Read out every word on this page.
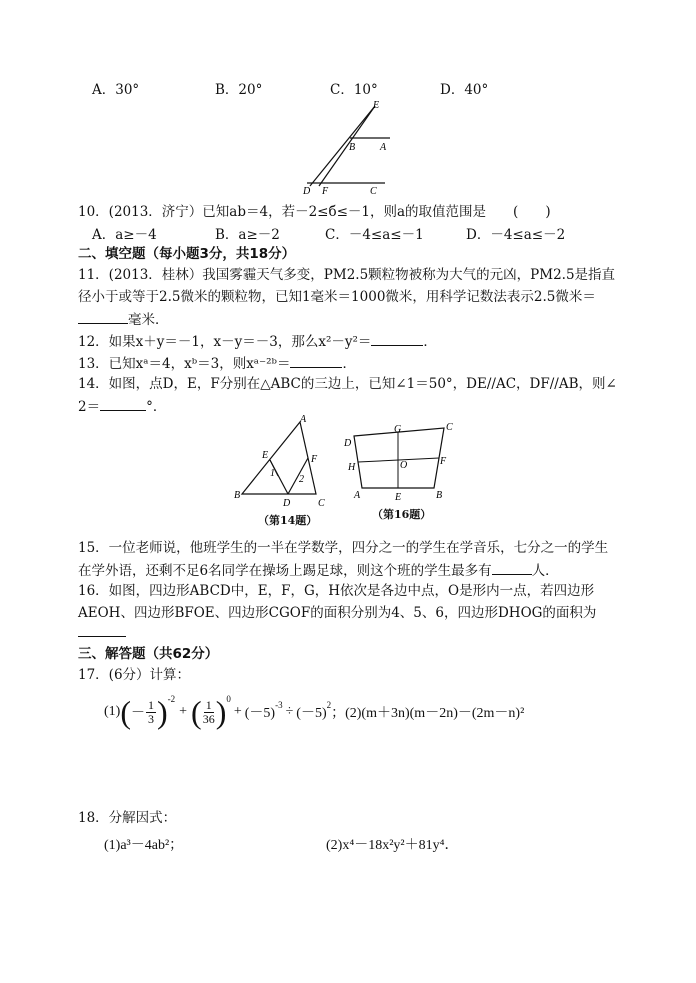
A．30°	B．20°	C．10°	D．40°
E
B A
D F	C
10．(2013．济宁）已知ab＝4，若－2≤б≤－1，则a的取值范围是　　(　　)
A．a≥－4	B．a≥－2	C．－4≤a≤－1	D．－4≤a≤－2
二、填空题（每小题3分，共18分）
11．(2013．桂林）我国雾霾天气多变，PM2.5颗粒物被称为大气的元凶，PM2.5是指直
径小于或等于2.5微米的颗粒物，已知1毫米＝1000微米，用科学记数法表示2.5微米＝
毫米．
12．如果x＋y＝－1，x－y＝－3，那么x²－y²＝	．
13．已知xᵃ＝4，xᵇ＝3，则xᵃ⁻²ᵇ＝	．
14．如图，点D，E，F分别在△ABC的三边上，已知∠1＝50°，DE//AC，DF//AB，则∠
2＝	°．
A
E	F
1
2
B
D	C
（第14题）
D
G	C
H	O	F
A	E	B
（第16题）
15．一位老师说，他班学生的一半在学数学，四分之一的学生在学音乐，七分之一的学生
在学外语，还剩不足6名同学在操场上踢足球，则这个班的学生最多有	人．
16．如图，四边形ABCD中，E，F，G，H依次是各边中点，O是形内一点，若四边形
AEOH、四边形BFOE、四边形CGOF的面积分别为4、5、6，四边形DHOG的面积为
三、解答题（共62分）
17．(6分）计算：
(1) ( －
1
3 )$^{-2}$
+ ( 1
36 )$^0$
+ (－5)
$^{-3}$ ÷ (－5)
$^2$
；(2)(m＋3n)(m－2n)－(2m－n)²
18．分解因式：
(1)a³－4ab²；	(2)x⁴－18x²y²＋81y⁴．
